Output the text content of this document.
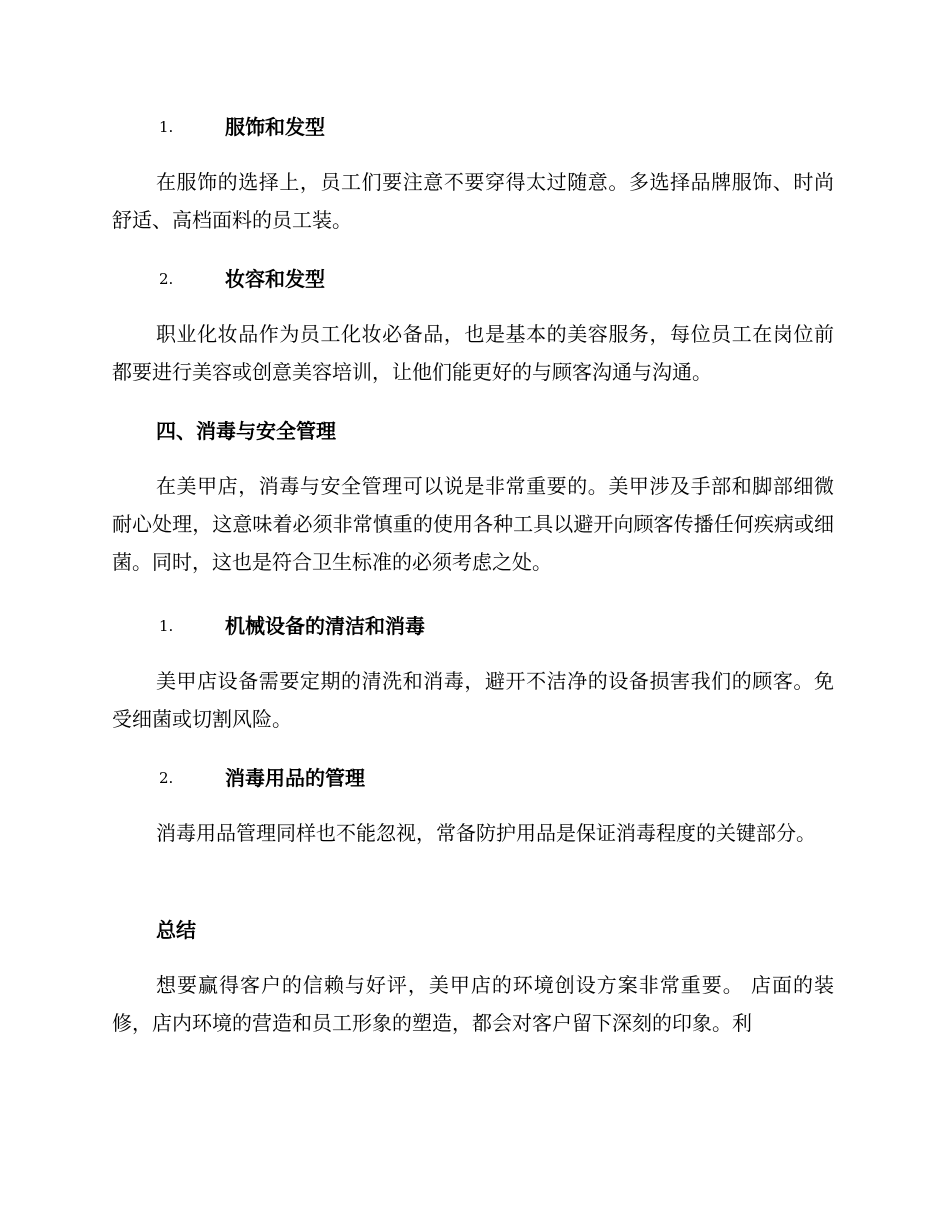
1.	服饰和发型
在服饰的选择上，员工们要注意不要穿得太过随意。多选择品牌服饰、时尚舒适、高档面料的员工装。
2.	妆容和发型
职业化妆品作为员工化妆必备品，也是基本的美容服务，每位员工在岗位前都要进行美容或创意美容培训，让他们能更好的与顾客沟通与沟通。
四、消毒与安全管理
在美甲店，消毒与安全管理可以说是非常重要的。美甲涉及手部和脚部细微耐心处理，这意味着必须非常慎重的使用各种工具以避开向顾客传播任何疾病或细菌。同时，这也是符合卫生标准的必须考虑之处。
1.	机械设备的清洁和消毒
美甲店设备需要定期的清洗和消毒，避开不洁净的设备损害我们的顾客。免受细菌或切割风险。
2.	消毒用品的管理
消毒用品管理同样也不能忽视，常备防护用品是保证消毒程度的关键部分。
总结
想要赢得客户的信赖与好评，美甲店的环境创设方案非常重要。 店面的装修，店内环境的营造和员工形象的塑造，都会对客户留下深刻的印象。利
